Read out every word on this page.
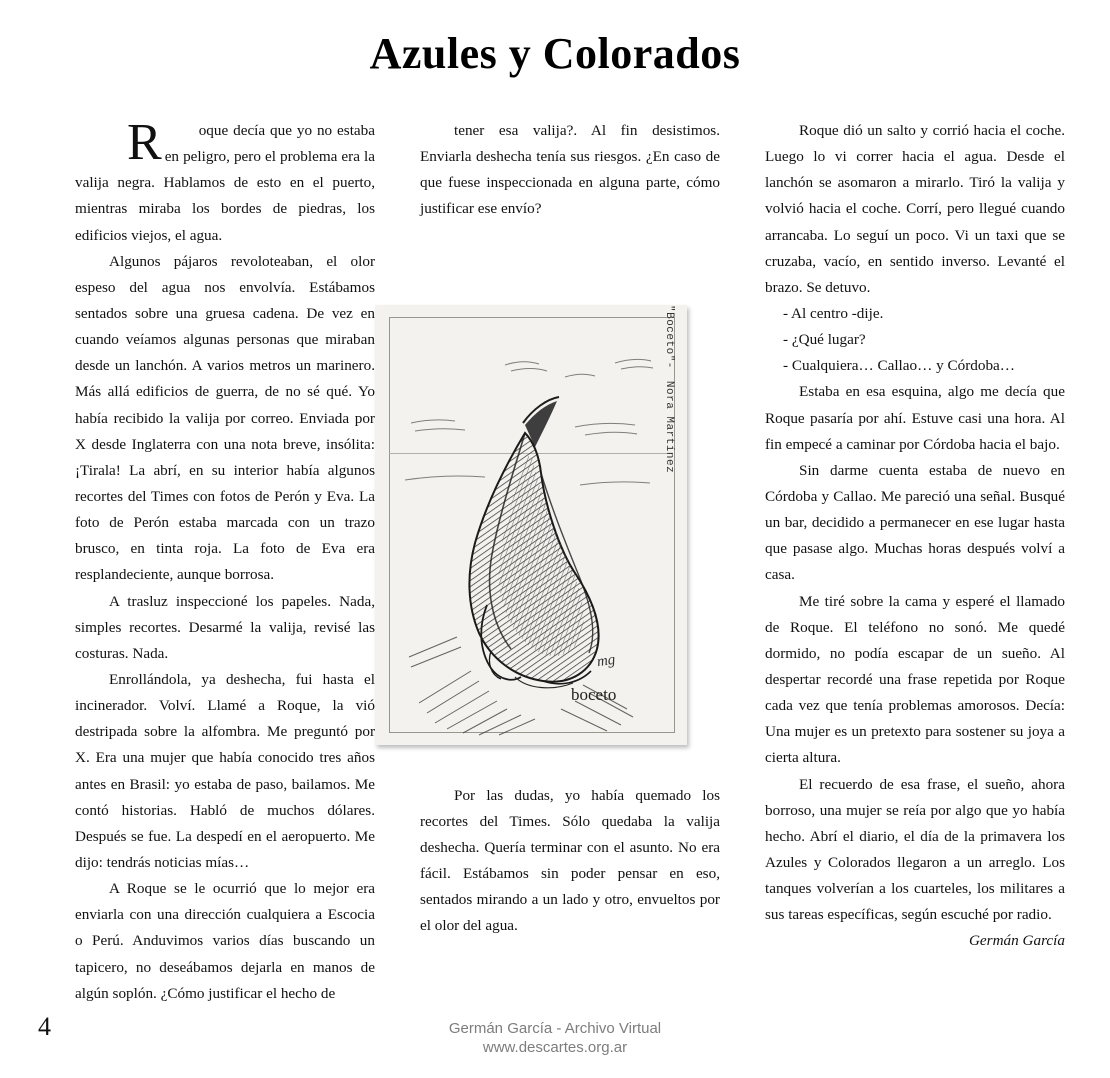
Azules y Colorados

R oque decía que yo no estaba en peligro, pero el problema era la valija negra. Hablamos de esto en el puerto, mientras miraba los bordes de piedras, los edificios viejos, el agua.

Algunos pájaros revoloteaban, el olor espeso del agua nos envolvía. Estábamos sentados sobre una gruesa cadena. De vez en cuando veíamos algunas personas que miraban desde un lanchón. A varios metros un marinero. Más allá edificios de guerra, de no sé qué. Yo había recibido la valija por correo. Enviada por X desde Inglaterra con una nota breve, insólita: ¡Tirala! La abrí, en su interior había algunos recortes del Times con fotos de Perón y Eva. La foto de Perón estaba marcada con un trazo brusco, en tinta roja. La foto de Eva era resplandeciente, aunque borrosa.

A trasluz inspeccioné los papeles. Nada, simples recortes. Desarmé la valija, revisé las costuras. Nada.

Enrollándola, ya deshecha, fui hasta el incinerador. Volví. Llamé a Roque, la vió destripada sobre la alfombra. Me preguntó por X. Era una mujer que había conocido tres años antes en Brasil: yo estaba de paso, bailamos. Me contó historias. Habló de muchos dólares. Después se fue. La despedí en el aeropuerto. Me dijo: tendrás noticias mías…

A Roque se le ocurrió que lo mejor era enviarla con una dirección cualquiera a Escocia o Perú. Anduvimos varios días buscando un tapicero, no deseábamos dejarla en manos de algún soplón. ¿Cómo justificar el hecho de

tener esa valija?. Al fin desistimos. Enviarla deshecha tenía sus riesgos. ¿En caso de que fuese inspeccionada en alguna parte, cómo justificar ese envío?

Por las dudas, yo había quemado los recortes del Times. Sólo quedaba la valija deshecha. Quería terminar con el asunto. No era fácil. Estábamos sin poder pensar en eso, sentados mirando a un lado y otro, envueltos por el olor del agua.

Roque dió un salto y corrió hacia el coche. Luego lo vi correr hacia el agua. Desde el lanchón se asomaron a mirarlo. Tiró la valija y volvió hacia el coche. Corrí, pero llegué cuando arrancaba. Lo seguí un poco. Vi un taxi que se cruzaba, vacío, en sentido inverso. Levanté el brazo. Se detuvo.

- Al centro -dije.

- ¿Qué lugar?

- Cualquiera… Callao… y Córdoba…

Estaba en esa esquina, algo me decía que Roque pasaría por ahí. Estuve casi una hora. Al fin empecé a caminar por Córdoba hacia el bajo.

Sin darme cuenta estaba de nuevo en Córdoba y Callao. Me pareció una señal. Busqué un bar, decidido a permanecer en ese lugar hasta que pasase algo. Muchas horas después volví a casa.

Me tiré sobre la cama y esperé el llamado de Roque. El teléfono no sonó. Me quedé dormido, no podía escapar de un sueño. Al despertar recordé una frase repetida por Roque cada vez que tenía problemas amorosos. Decía: Una mujer es un pretexto para sostener su joya a cierta altura.

El recuerdo de esa frase, el sueño, ahora borroso, una mujer se reía por algo que yo había hecho. Abrí el diario, el día de la primavera los Azules y Colorados llegaron a un arreglo. Los tanques volverían a los cuarteles, los militares a sus tareas específicas, según escuché por radio.

Germán García

mg
boceto
"Boceto"-Nora Martínez
4	Germán García - Archivo Virtual
www.descartes.org.ar
